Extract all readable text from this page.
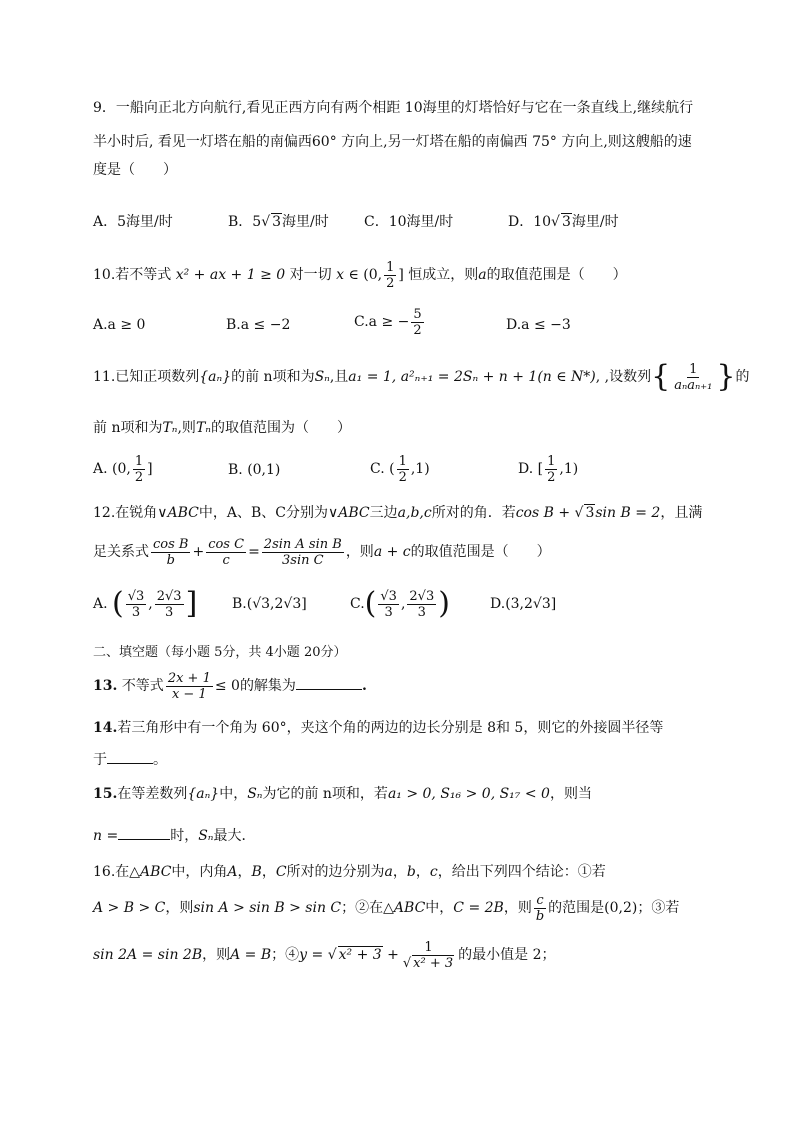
9．一船向正北方向航行,看见正西方向有两个相距 10海里的灯塔恰好与它在一条直线上,继续航行
半小时后, 看见一灯塔在船的南偏西60° 方向上,另一灯塔在船的南偏西 75° 方向上,则这艘船的速
度是（　　）
A．5海里/时	B．5√ 3海里/时	C．10海里/时	D．10√ 3海里/时
10.若不等式 x² + ax + 1 ≥ 0 对一切 x ∈ (0, $\frac{1}{2}$ ] 恒成立，则a的取值范围是（　　）
A.a ≥ 0	B.a ≤ −2	C.a ≥ − $\frac{5}{2}$	D.a ≤ −3
11.已知正项数列{aₙ}的前 n项和为Sₙ,且a₁ = 1, a²ₙ₊₁ = 2Sₙ + n + 1(n ∈ N*), ,设数列{ $\frac{1}{\text{aₙaₙ₊₁}}$ }的
前 n项和为Tₙ,则Tₙ的取值范围为（　　）
A. (0, $\frac{1}{2}$ ]	B. (0,1)	C. ( $\frac{1}{2} ,1$)	D. [ $\frac{1}{2} ,1$)
12.在锐角∨ABC中，A、B、C分别为∨ABC三边a,b,c所对的角．若cos B + √ 3sin B = 2，且满
足关系式 $\frac{\text{cos B}}{b} + \frac{\text{cos C}}{c} = \frac{\text{2sin A sin B}}{\text{3sin C}}$ ，则a + c的取值范围是（　　）
A. ( $\frac{√3}{3}$ , $\frac{2√3}{3}$ ] B.(√3,2√3]	$C.( \frac{√3}{3}$ , $\frac{2√3}{3}$ )	D.(3,2√3]
二、填空题（每小题 5分，共 4小题 20分）
13. 不等式 $\frac{2x + 1}{x - 1} \le 0$的解集为	.
14.若三角形中有一个角为 60°，夹这个角的两边的边长分别是 8和 5，则它的外接圆半径等
于	。
15.在等差数列{aₙ}中，Sₙ为它的前 n项和，若a₁ > 0, S₁₆ > 0, S₁₇ < 0，则当
n =	时，Sₙ最大．
16.在△ABC中，内角A，B，C所对的边分别为a，b，c，给出下列四个结论：①若
A > B > C，则sin A > sin B > sin C；②在△ABC中，C = 2B，则 $\frac{c}{b}$ 的范围是(0,2)；③若
sin 2A = sin 2B，则A = B；④y = √ $x^2 + 3 + \frac{1}{\text{√ x² + 3}}$ 的最小值是 2；
